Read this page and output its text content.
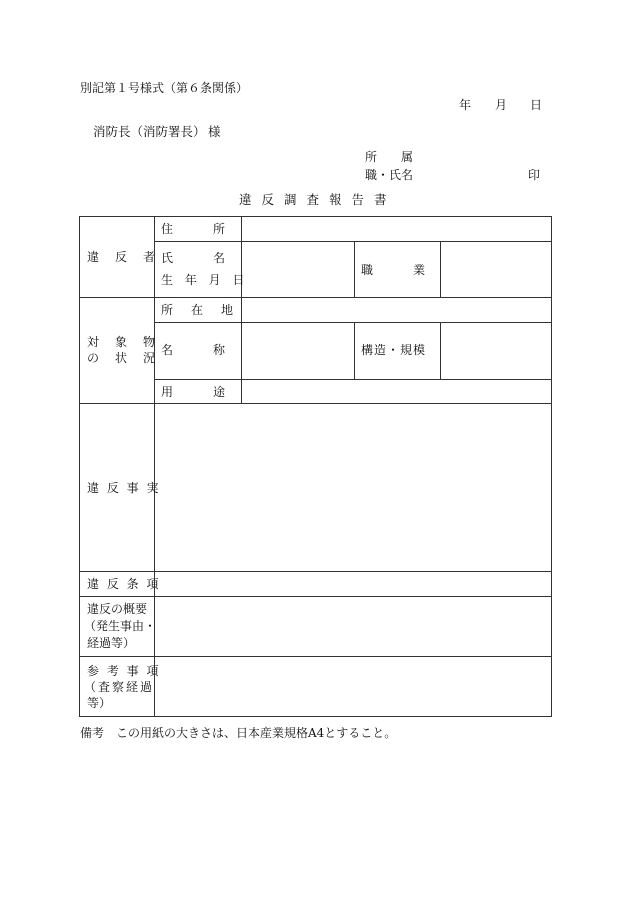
別記第１号様式（第６条関係）
年 月 日
消防長（消防署長） 様
所　　属
職・氏名	印
違 反 調 査 報 告 書
違　反　者
対　象　物
の　状　況
違 反 事 実
違 反 条 項
違反の概要
（発生事由・
経過等）
参 考 事 項
（査察経過
等）
住　　　所
氏　　　名
生 年 月 日
所　在　地
名　　　称
用　　　途
職　　　業
構造・規模
備考　この用紙の大きさは、日本産業規格A4とすること。
